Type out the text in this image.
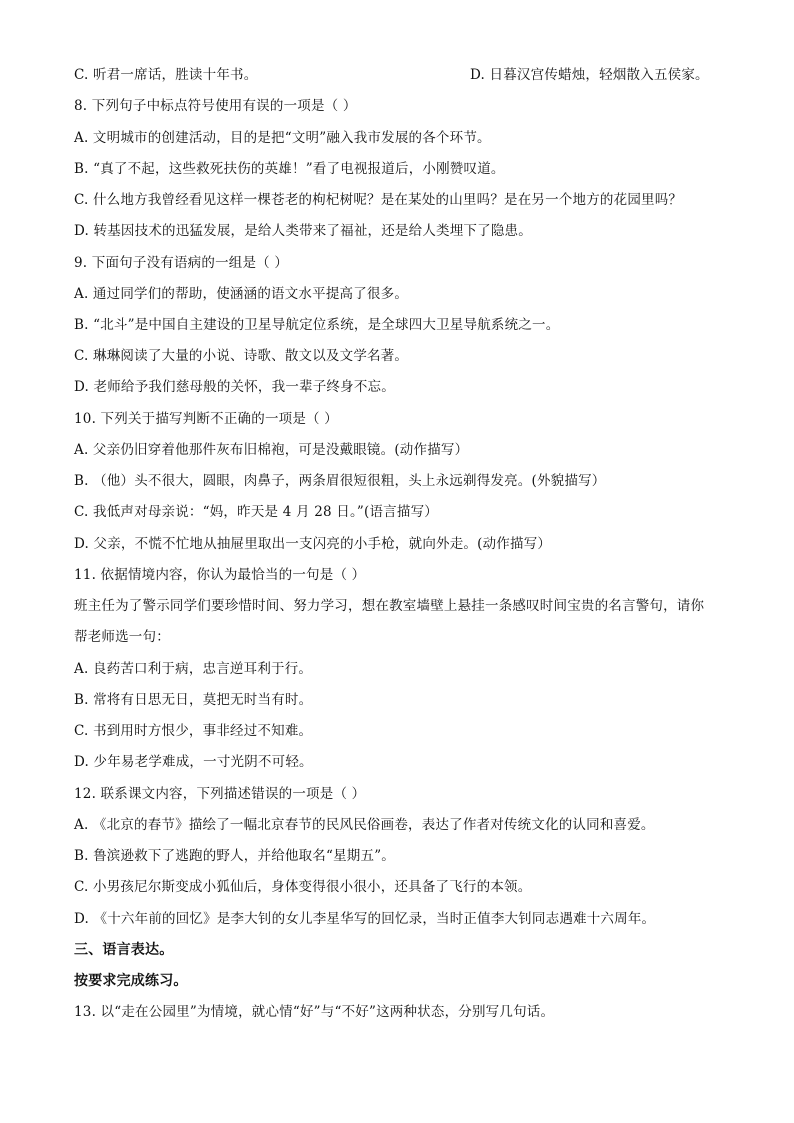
C. 听君一席话，胜读十年书。	D. 日暮汉宫传蜡烛，轻烟散入五侯家。
8. 下列句子中标点符号使用有误的一项是（ ）
A. 文明城市的创建活动，目的是把“文明”融入我市发展的各个环节。
B. “真了不起，这些救死扶伤的英雄！”看了电视报道后，小刚赞叹道。
C. 什么地方我曾经看见这样一棵苍老的枸杞树呢？是在某处的山里吗？是在另一个地方的花园里吗？
D. 转基因技术的迅猛发展，是给人类带来了福祉，还是给人类埋下了隐患。
9. 下面句子没有语病的一组是（ ）
A. 通过同学们的帮助，使涵涵的语文水平提高了很多。
B. “北斗”是中国自主建设的卫星导航定位系统，是全球四大卫星导航系统之一。
C. 琳琳阅读了大量的小说、诗歌、散文以及文学名著。
D. 老师给予我们慈母般的关怀，我一辈子终身不忘。
10. 下列关于描写判断不正确的一项是（ ）
A. 父亲仍旧穿着他那件灰布旧棉袍，可是没戴眼镜。(动作描写）
B. （他）头不很大，圆眼，肉鼻子，两条眉很短很粗，头上永远剃得发亮。(外貌描写）
C. 我低声对母亲说：“妈，昨天是 4 月 28 日。”(语言描写）
D. 父亲，不慌不忙地从抽屉里取出一支闪亮的小手枪，就向外走。(动作描写）
11. 依据情境内容，你认为最恰当的一句是（ ）
班主任为了警示同学们要珍惜时间、努力学习，想在教室墙壁上悬挂一条感叹时间宝贵的名言警句，请你
帮老师选一句：
A. 良药苦口利于病，忠言逆耳利于行。
B. 常将有日思无日，莫把无时当有时。
C. 书到用时方恨少，事非经过不知难。
D. 少年易老学难成，一寸光阴不可轻。
12. 联系课文内容，下列描述错误的一项是（ ）
A. 《北京的春节》描绘了一幅北京春节的民风民俗画卷，表达了作者对传统文化的认同和喜爱。
B. 鲁滨逊救下了逃跑的野人，并给他取名“星期五”。
C. 小男孩尼尔斯变成小狐仙后，身体变得很小很小，还具备了飞行的本领。
D. 《十六年前的回忆》是李大钊的女儿李星华写的回忆录，当时正值李大钊同志遇难十六周年。
三、语言表达。
按要求完成练习。
13. 以“走在公园里”为情境，就心情“好”与“不好”这两种状态，分别写几句话。
